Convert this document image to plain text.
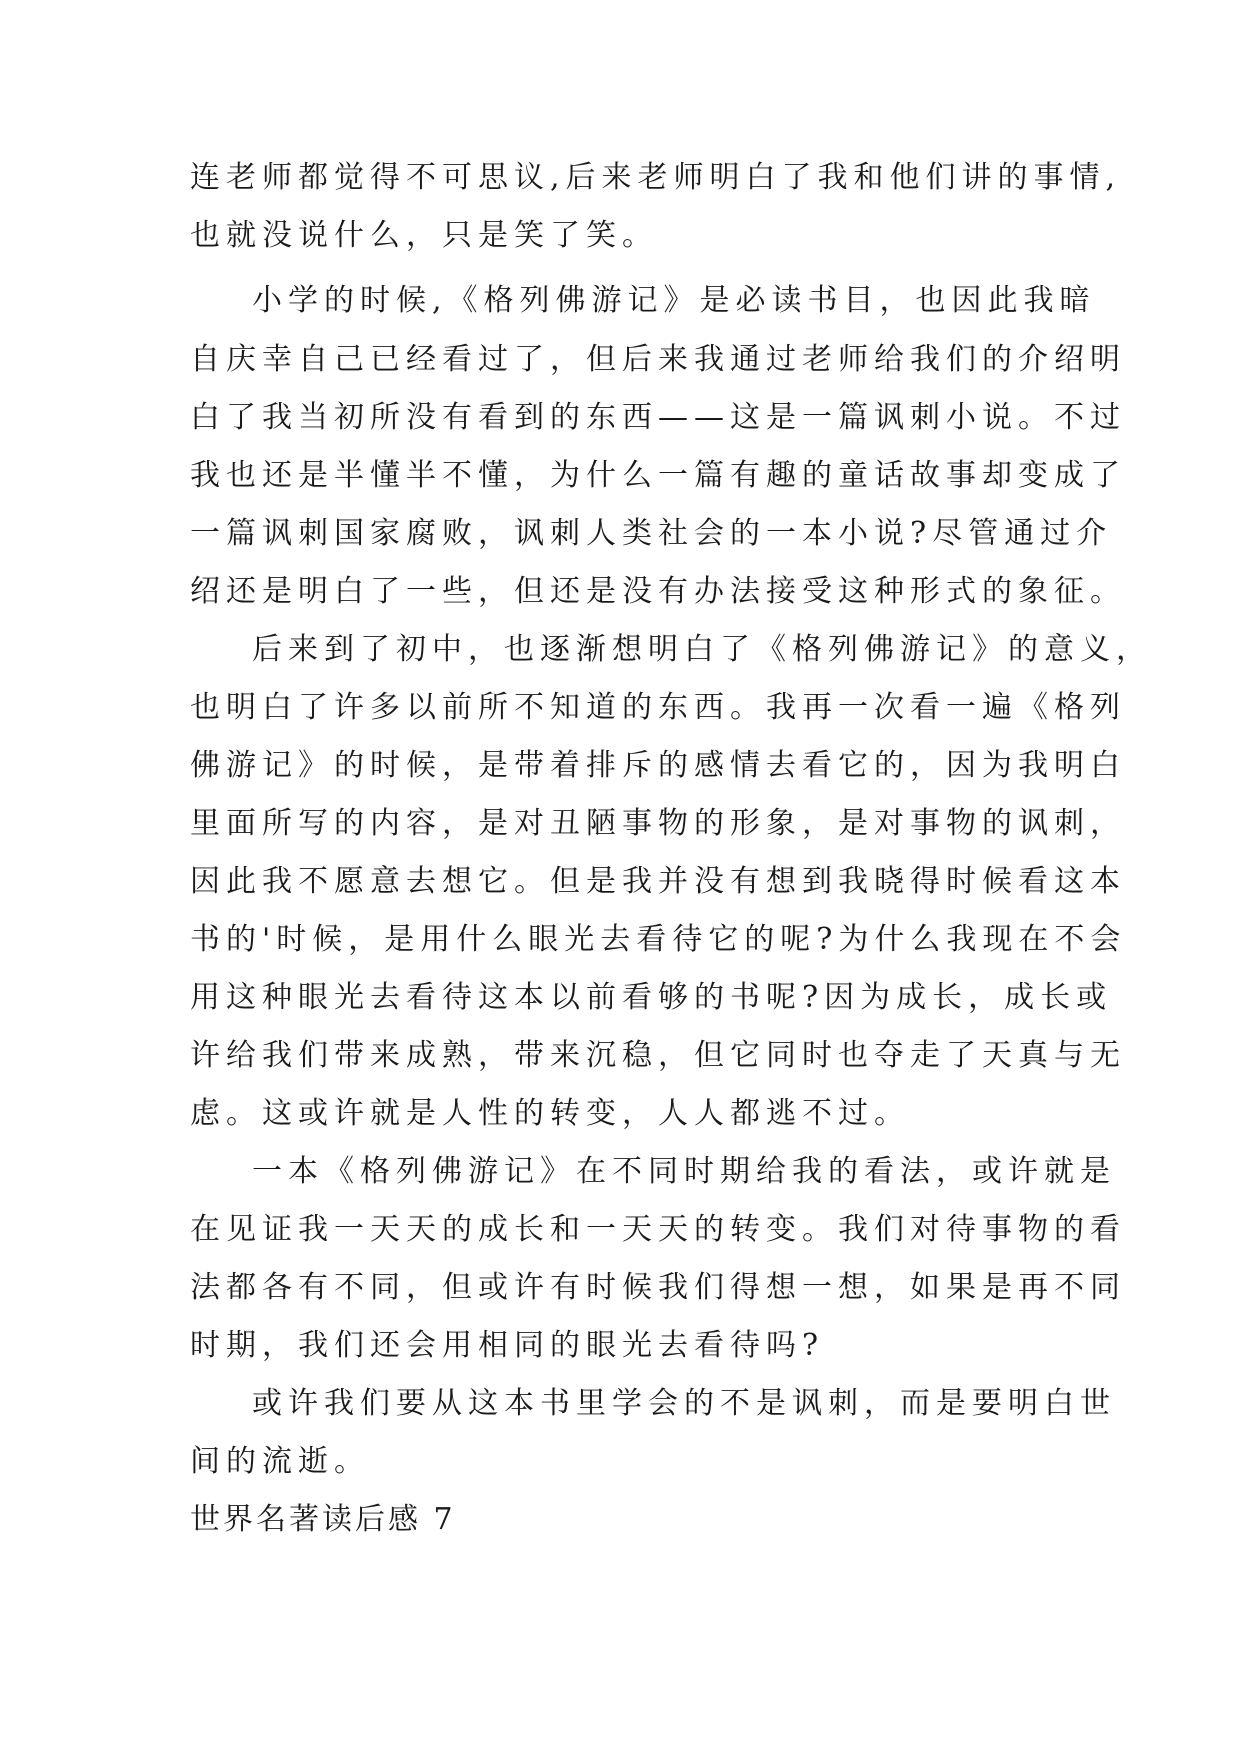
连老师都觉得不可思议,后来老师明白了我和他们讲的事情,
也就没说什么，只是笑了笑。
小学的时候,《格列佛游记》是必读书目，也因此我暗
自庆幸自己已经看过了，但后来我通过老师给我们的介绍明
白了我当初所没有看到的东西——这是一篇讽刺小说。不过
我也还是半懂半不懂，为什么一篇有趣的童话故事却变成了
一篇讽刺国家腐败，讽刺人类社会的一本小说?尽管通过介
绍还是明白了一些，但还是没有办法接受这种形式的象征。
后来到了初中，也逐渐想明白了《格列佛游记》的意义，
也明白了许多以前所不知道的东西。我再一次看一遍《格列
佛游记》的时候，是带着排斥的感情去看它的，因为我明白
里面所写的内容，是对丑陋事物的形象，是对事物的讽刺，
因此我不愿意去想它。但是我并没有想到我晓得时候看这本
书的'时候，是用什么眼光去看待它的呢?为什么我现在不会
用这种眼光去看待这本以前看够的书呢?因为成长，成长或
许给我们带来成熟，带来沉稳，但它同时也夺走了天真与无
虑。这或许就是人性的转变，人人都逃不过。
一本《格列佛游记》在不同时期给我的看法，或许就是
在见证我一天天的成长和一天天的转变。我们对待事物的看
法都各有不同，但或许有时候我们得想一想，如果是再不同
时期，我们还会用相同的眼光去看待吗?
或许我们要从这本书里学会的不是讽刺，而是要明白世
间的流逝。
世界名著读后感 7
